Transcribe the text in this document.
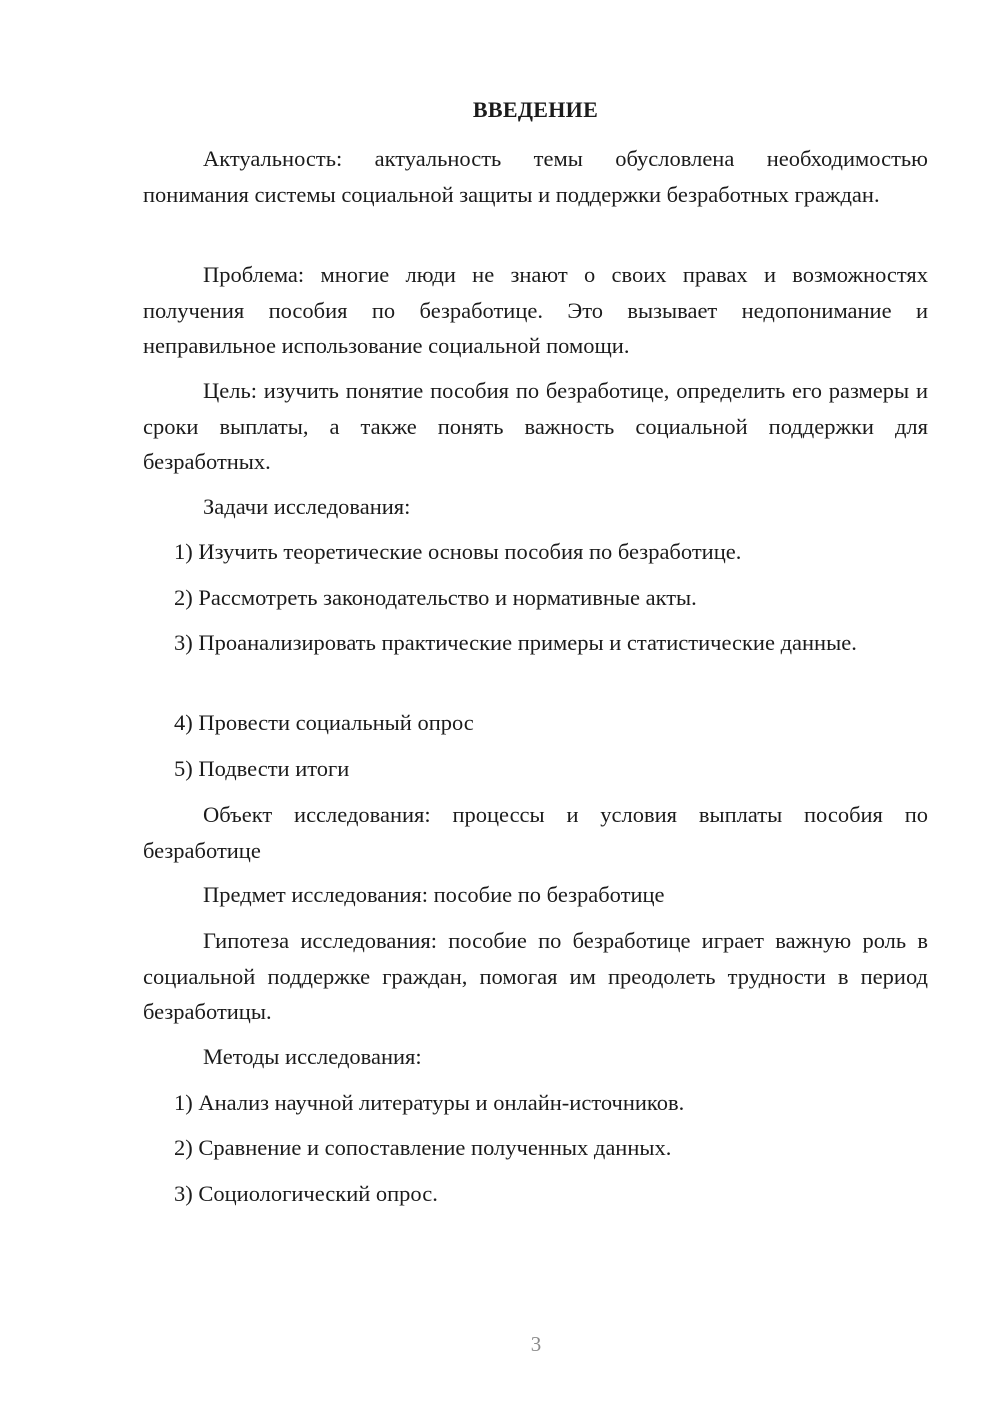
ВВЕДЕНИЕ

Актуальность: актуальность темы обусловлена необходимостью понимания системы социальной защиты и поддержки безработных граждан.

Проблема: многие люди не знают о своих правах и возможностях получения пособия по безработице. Это вызывает недопонимание и неправильное использование социальной помощи.

Цель: изучить понятие пособия по безработице, определить его размеры и сроки выплаты, а также понять важность социальной поддержки для безработных.

Задачи исследования:

1) Изучить теоретические основы пособия по безработице.

2) Рассмотреть законодательство и нормативные акты.

3) Проанализировать практические примеры и статистические данные.

4) Провести социальный опрос

5) Подвести итоги

Объект исследования: процессы и условия выплаты пособия по безработице

Предмет исследования: пособие по безработице

Гипотеза исследования: пособие по безработице играет важную роль в социальной поддержке граждан, помогая им преодолеть трудности в период безработицы.

Методы исследования:

1) Анализ научной литературы и онлайн-источников.

2) Сравнение и сопоставление полученных данных.

3) Социологический опрос.

3
